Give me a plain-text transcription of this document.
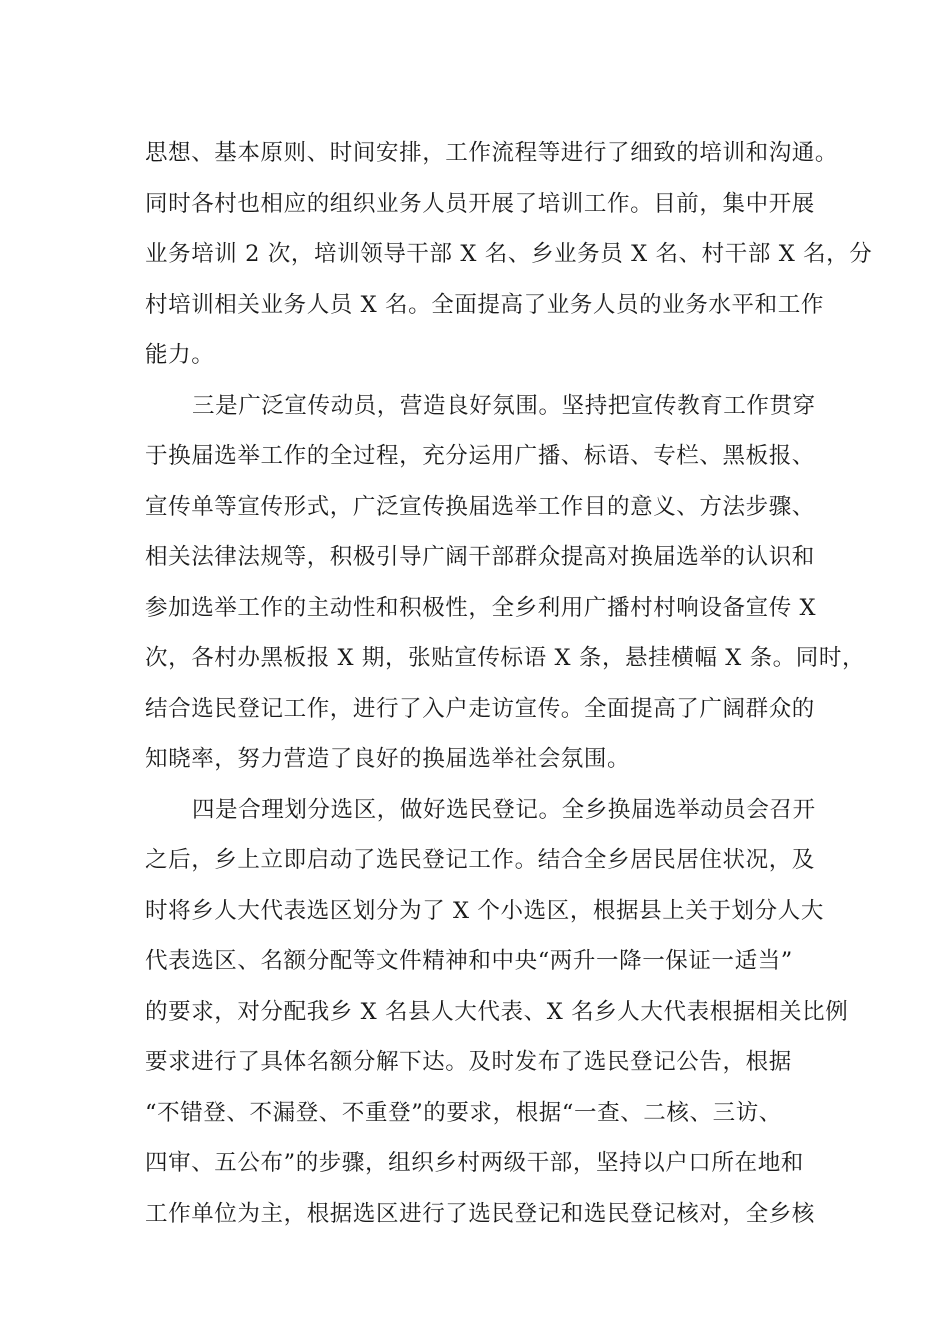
思想、基本原则、时间安排，工作流程等进行了细致的培训和沟通。
同时各村也相应的组织业务人员开展了培训工作。目前，集中开展
业务培训 2 次，培训领导干部 X 名、乡业务员 X 名、村干部 X 名，分
村培训相关业务人员 X 名。全面提高了业务人员的业务水平和工作
能力。
三是广泛宣传动员，营造良好氛围。坚持把宣传教育工作贯穿
于换届选举工作的全过程，充分运用广播、标语、专栏、黑板报、
宣传单等宣传形式，广泛宣传换届选举工作目的意义、方法步骤、
相关法律法规等，积极引导广阔干部群众提高对换届选举的认识和
参加选举工作的主动性和积极性，全乡利用广播村村响设备宣传 X
次，各村办黑板报 X 期，张贴宣传标语 X 条，悬挂横幅 X 条。同时，
结合选民登记工作，进行了入户走访宣传。全面提高了广阔群众的
知晓率，努力营造了良好的换届选举社会氛围。
四是合理划分选区，做好选民登记。全乡换届选举动员会召开
之后，乡上立即启动了选民登记工作。结合全乡居民居住状况，及
时将乡人大代表选区划分为了 X 个小选区，根据县上关于划分人大
代表选区、名额分配等文件精神和中央“两升一降一保证一适当”
的要求，对分配我乡 X 名县人大代表、X 名乡人大代表根据相关比例
要求进行了具体名额分解下达。及时发布了选民登记公告，根据
“不错登、不漏登、不重登”的要求，根据“一查、二核、三访、
四审、五公布”的步骤，组织乡村两级干部，坚持以户口所在地和
工作单位为主，根据选区进行了选民登记和选民登记核对，全乡核
